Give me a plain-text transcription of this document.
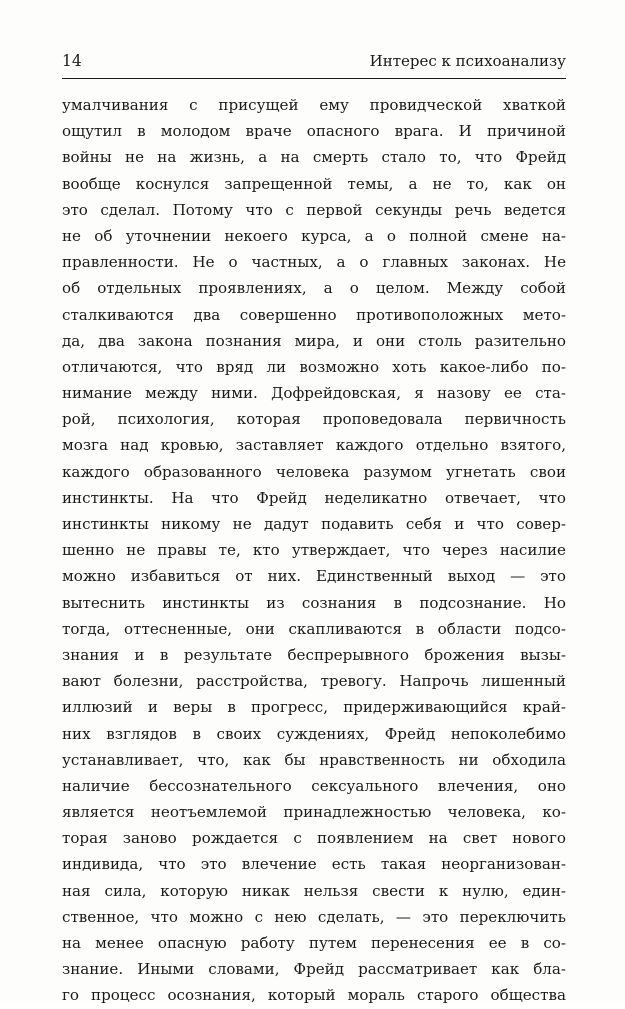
14	Интерес к психоанализу
умалчивания с присущей ему провидческой хваткой
ощутил в молодом враче опасного врага. И причиной
войны не на жизнь, а на смерть стало то, что Фрейд
вообще коснулся запрещенной темы, а не то, как он
это сделал. Потому что с первой секунды речь ведется
не об уточнении некоего курса, а о полной смене на-
правленности. Не о частных, а о главных законах. Не
об отдельных проявлениях, а о целом. Между собой
сталкиваются два совершенно противоположных мето-
да, два закона познания мира, и они столь разительно
отличаются, что вряд ли возможно хоть какое-либо по-
нимание между ними. Дофрейдовская, я назову ее ста-
рой, психология, которая проповедовала первичность
мозга над кровью, заставляет каждого отдельно взятого,
каждого образованного человека разумом угнетать свои
инстинкты. На что Фрейд неделикатно отвечает, что
инстинкты никому не дадут подавить себя и что совер-
шенно не правы те, кто утверждает, что через насилие
можно избавиться от них. Единственный выход — это
вытеснить инстинкты из сознания в подсознание. Но
тогда, оттесненные, они скапливаются в области подсо-
знания и в результате беспрерывного брожения вызы-
вают болезни, расстройства, тревогу. Напрочь лишенный
иллюзий и веры в прогресс, придерживающийся край-
них взглядов в своих суждениях, Фрейд непоколебимо
устанавливает, что, как бы нравственность ни обходила
наличие бессознательного сексуального влечения, оно
является неотъемлемой принадлежностью человека, ко-
торая заново рождается с появлением на свет нового
индивида, что это влечение есть такая неорганизован-
ная сила, которую никак нельзя свести к нулю, един-
ственное, что можно с нею сделать, — это переключить
на менее опасную работу путем перенесения ее в со-
знание. Иными словами, Фрейд рассматривает как бла-
го процесс осознания, который мораль старого общества
